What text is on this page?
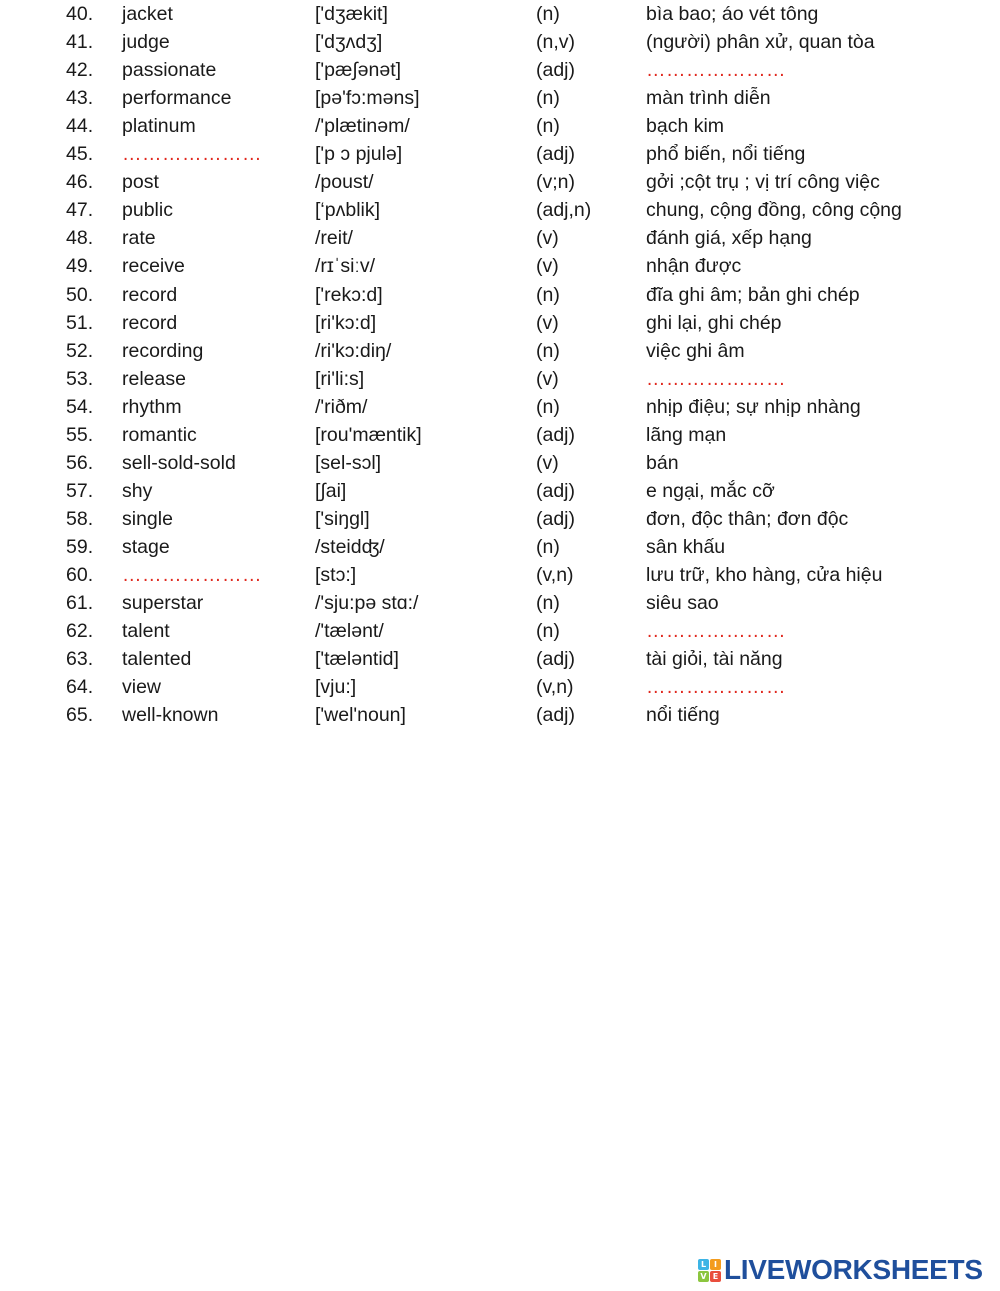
40. jacket	['dʒækit]	(n)	bìa bao; áo vét tông
41. judge	['dʒʌdʒ]	(n,v)	(người) phân xử, quan tòa
42. passionate	['pæ∫ənət]	(adj)	…………………
43. performance	[pə'fɔ:məns]	(n)	màn trình diễn
44. platinum	/'plætinəm/	(n)	bạch kim
45. …………………	['p ɔ pjulə]	(adj)	phổ biến, nổi tiếng
46. post	/poust/	(v;n)	gởi ;cột trụ ; vị trí công việc
47. public	[‘pʌblik]	(adj,n)	chung, cộng đồng, công cộng
48. rate	/reit/	(v)	đánh giá, xếp hạng
49. receive	/rɪˈsiːv/	(v)	nhận được
50. record	['rekɔ:d]	(n)	đĩa ghi âm; bản ghi chép
51. record	[ri'kɔ:d]	(v)	ghi lại, ghi chép
52. recording	/ri'kɔ:diŋ/	(n)	việc ghi âm
53. release	[ri'li:s]	(v)	…………………
54. rhythm	/'riðm/	(n)	nhịp điệu; sự nhịp nhàng
55. romantic	[rou'mæntik]	(adj)	lãng mạn
56. sell-sold-sold	[sel-sɔl]	(v)	bán
57. shy	[∫ai]	(adj)	e ngại, mắc cỡ
58. single	['siŋgl]	(adj)	đơn, độc thân; đơn độc
59. stage	/steidʤ/	(n)	sân khấu
60. …………………	[stɔ:]	(v,n)	lưu trữ, kho hàng, cửa hiệu
61. superstar	/'sju:pə stɑ:/	(n)	siêu sao
62. talent	/'tælənt/	(n)	…………………
63. talented	['tæləntid]	(adj)	tài giỏi, tài năng
64. view	[vju:]	(v,n)	…………………
65. well-known	['wel'noun]	(adj)	nổi tiếng
L I
V E LIVEWORKSHEETS
